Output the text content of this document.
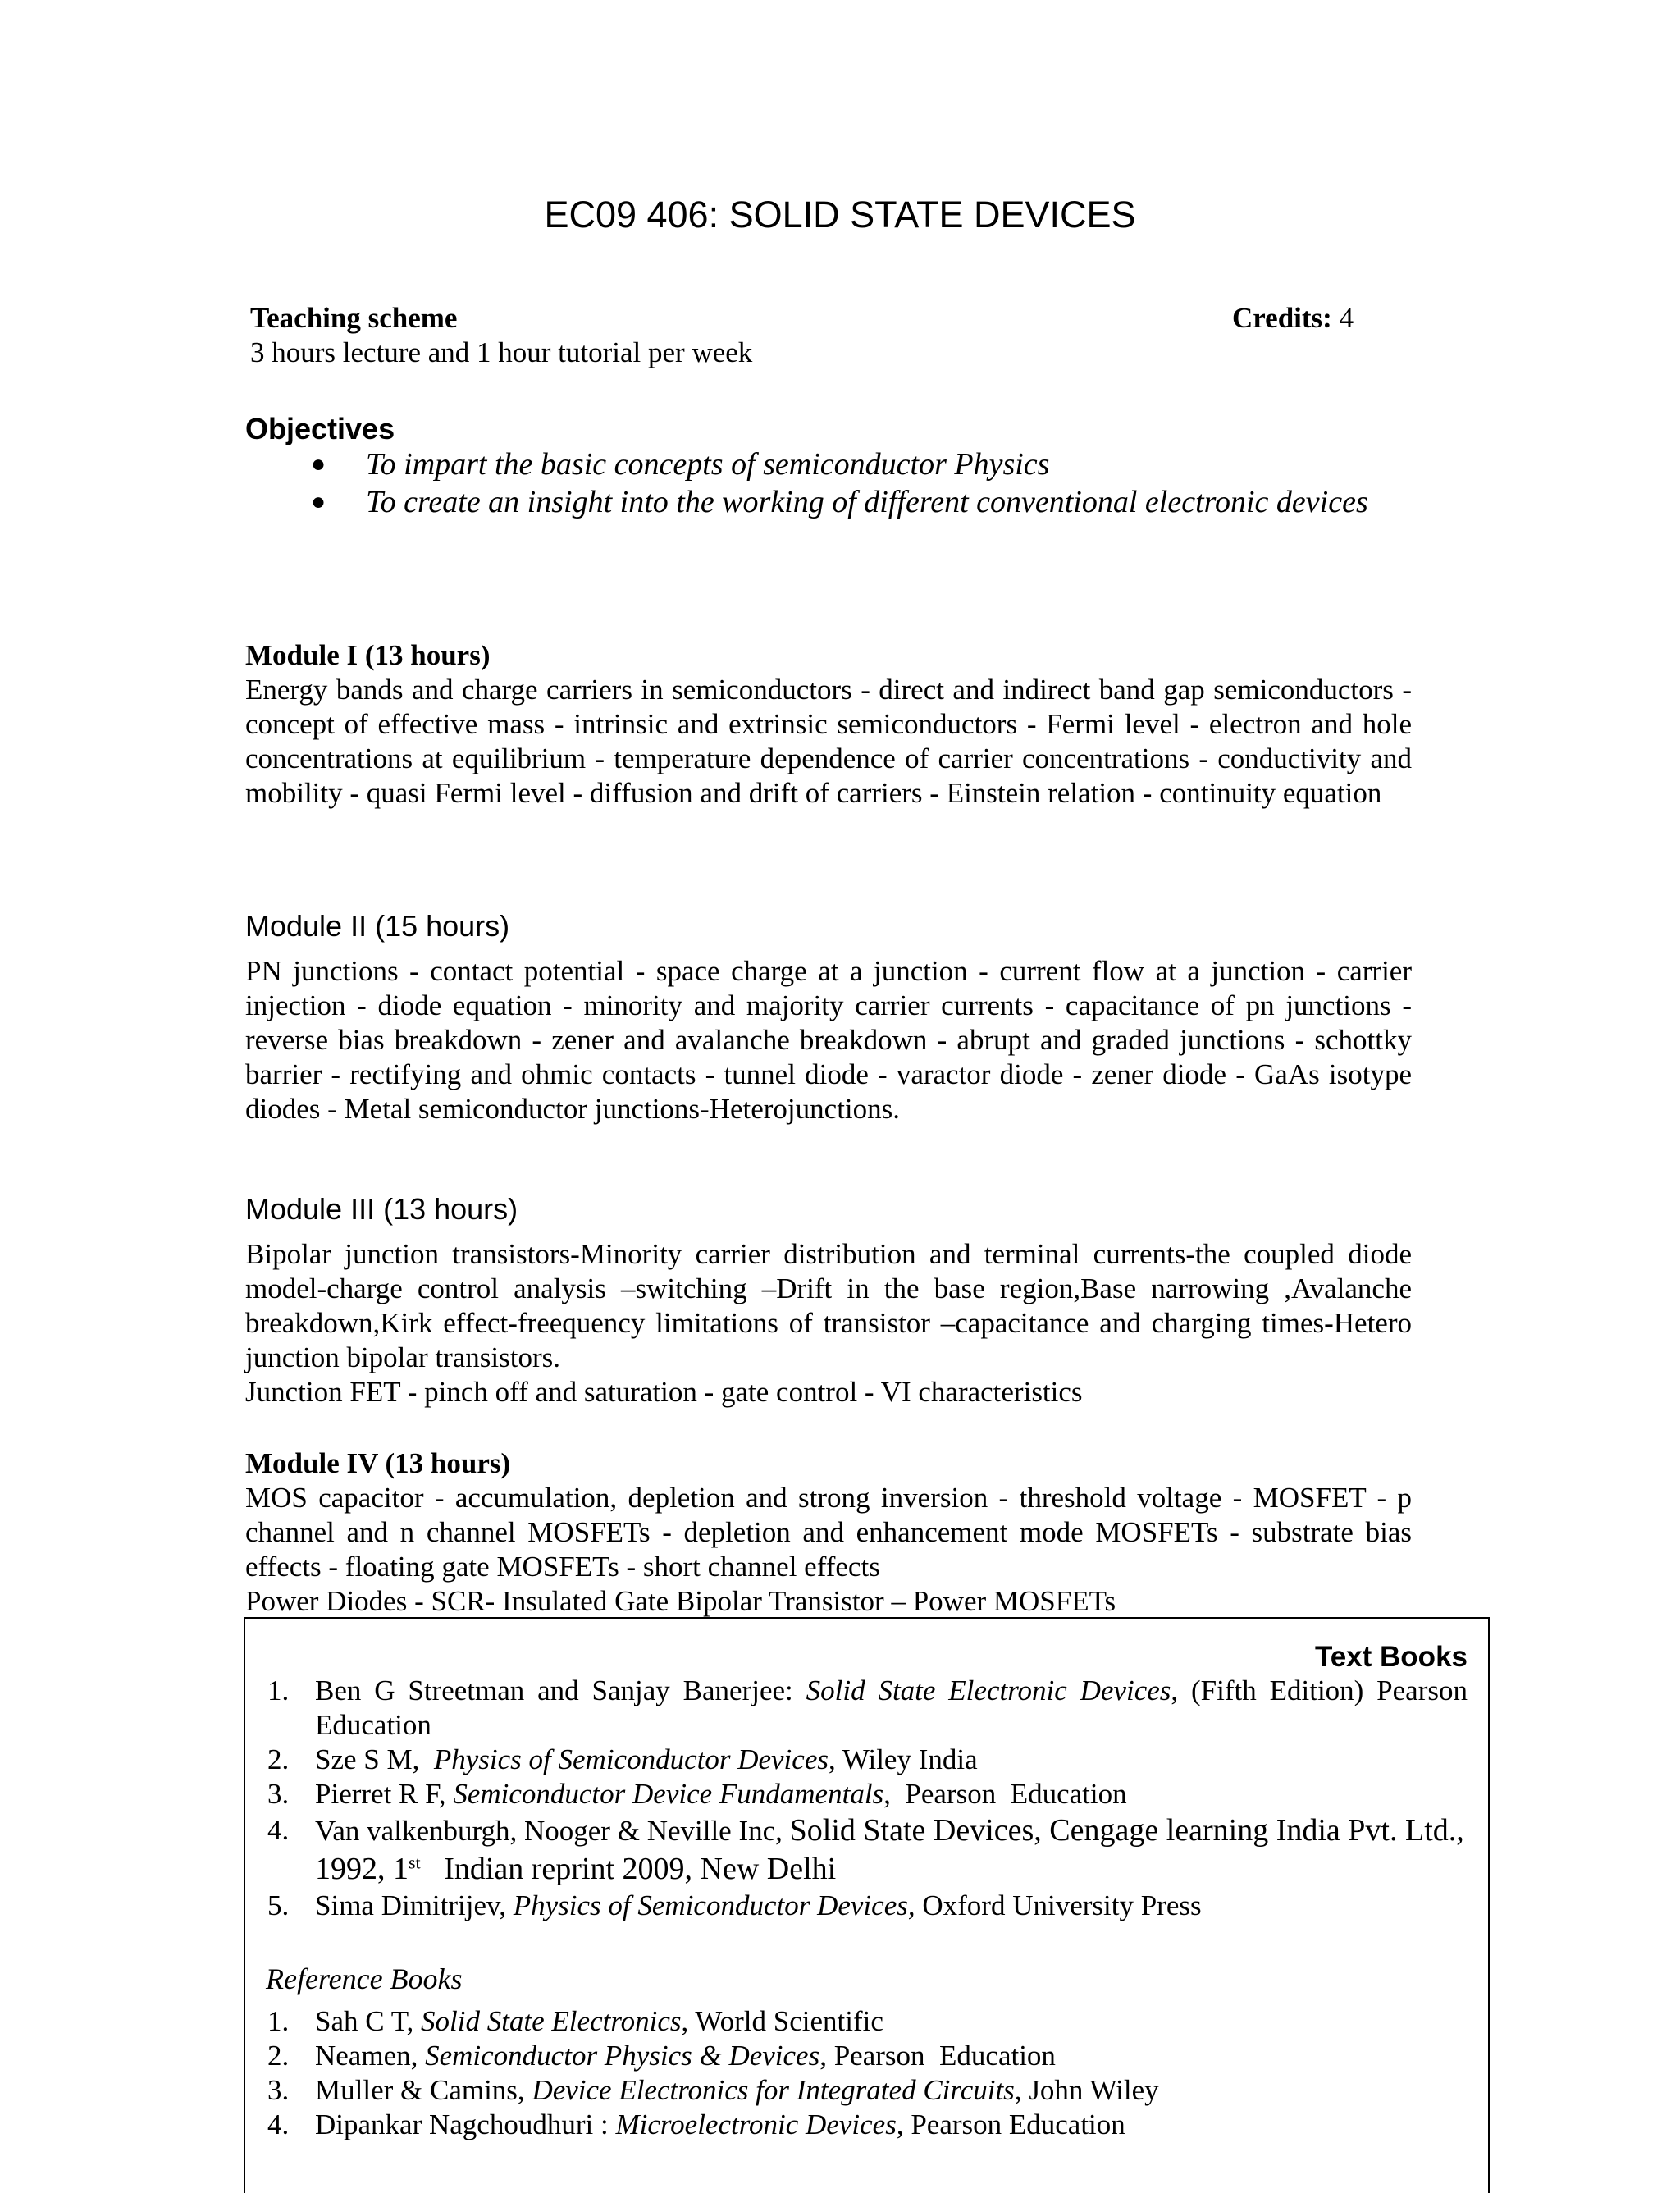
EC09 406: SOLID STATE DEVICES
Teaching scheme	Credits: 4
3 hours lecture and 1 hour tutorial per week
Objectives
● To impart the basic concepts of semiconductor Physics
● To create an insight into the working of different conventional electronic devices
Module I (13 hours)

Energy bands and charge carriers in semiconductors - direct and indirect band gap semiconductors - concept of effective mass - intrinsic and extrinsic semiconductors - Fermi level - electron and hole concentrations at equilibrium - temperature dependence of carrier concentrations - conductivity and mobility - quasi Fermi level - diffusion and drift of carriers - Einstein relation - continuity equation

Module II (15 hours)

PN junctions - contact potential - space charge at a junction - current flow at a junction - carrier injection - diode equation - minority and majority carrier currents - capacitance of pn junctions - reverse bias breakdown - zener and avalanche breakdown - abrupt and graded junctions - schottky barrier - rectifying and ohmic contacts - tunnel diode - varactor diode - zener diode - GaAs isotype diodes - Metal semiconductor junctions-Heterojunctions.

Module III (13 hours)

Bipolar junction transistors-Minority carrier distribution and terminal currents-the coupled diode model-charge control analysis –switching –Drift in the base region,Base narrowing ,Avalanche breakdown,Kirk effect-freequency limitations of transistor –capacitance and charging times-Hetero junction bipolar transistors.

Junction FET - pinch off and saturation - gate control - VI characteristics

Module IV (13 hours)

MOS capacitor - accumulation, depletion and strong inversion - threshold voltage - MOSFET - p channel and n channel MOSFETs - depletion and enhancement mode MOSFETs - substrate bias effects - floating gate MOSFETs - short channel effects

Power Diodes - SCR- Insulated Gate Bipolar Transistor – Power MOSFETs

Text Books
1. Ben G Streetman and Sanjay Banerjee: Solid State Electronic Devices, (Fifth Edition) Pearson Education
2. Sze S M,  Physics of Semiconductor Devices, Wiley India
3. Pierret R F, Semiconductor Device Fundamentals,  Pearson  Education
4. Van valkenburgh, Nooger & Neville Inc, Solid State Devices, Cengage learning India Pvt. Ltd., 1992, 1st   Indian reprint 2009, New Delhi
5. Sima Dimitrijev, Physics of Semiconductor Devices, Oxford University Press
Reference Books
1. Sah C T, Solid State Electronics, World Scientific
2. Neamen, Semiconductor Physics & Devices, Pearson  Education
3. Muller & Camins, Device Electronics for Integrated Circuits, John Wiley
4. Dipankar Nagchoudhuri : Microelectronic Devices, Pearson Education
